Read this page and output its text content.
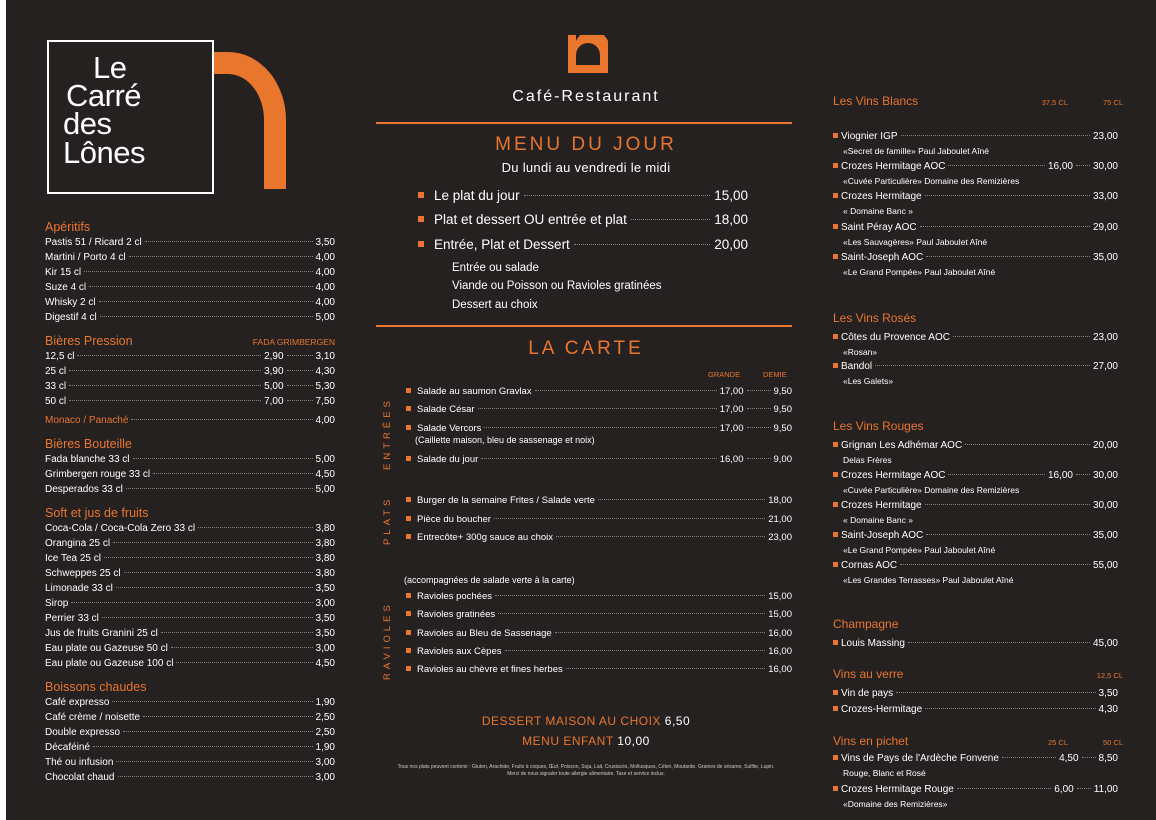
Le
Carré
des
Lônes
Apéritifs
Pastis 51 / Ricard 2 cl	3,50
Martini / Porto 4 cl	4,00
Kir 15 cl	4,00
Suze 4 cl	4,00
Whisky 2 cl	4,00
Digestif 4 cl	5,00
Bières Pression	FADA GRIMBERGEN
12,5 cl	2,90	3,10
25 cl	3,90	4,30
33 cl	5,00	5,30
50 cl	7,00	7,50
Monaco / Panaché	4,00
Bières Bouteille
Fada blanche 33 cl	5,00
Grimbergen rouge 33 cl	4,50
Desperados 33 cl	5,00
Soft et jus de fruits
Coca-Cola / Coca-Cola Zero 33 cl	3,80
Orangina 25 cl	3,80
Ice Tea 25 cl	3,80
Schweppes 25 cl	3,80
Limonade 33 cl	3,50
Sirop	3,00
Perrier 33 cl	3,50
Jus de fruits Granini 25 cl	3,50
Eau plate ou Gazeuse 50 cl	3,00
Eau plate ou Gazeuse 100 cl	4,50
Boissons chaudes
Café expresso	1,90
Café crème / noisette	2,50
Double expresso	2,50
Décaféiné	1,90
Thé ou infusion	3,00
Chocolat chaud	3,00
Café-Restaurant
MENU DU JOUR
Du lundi au vendredi le midi
Le plat du jour	15,00
Plat et dessert OU entrée et plat	18,00
Entrée, Plat et Dessert	20,00
Entrée ou salade
Viande ou Poisson ou Ravioles gratinées
Dessert au choix
LA CARTE
GRANDE	DEMIE
ENTRÉES
Salade au saumon Gravlax	17,00	9,50
Salade César	17,00	9,50
Salade Vercors	17,00	9,50
Salade du jour	16,00	9,00
(Caillette maison, bleu de sassenage et noix)
PLATS	Burger de la semaine Frites / Salade verte	18,00
Pièce du boucher	21,00
Entrecôte+ 300g sauce au choix	23,00
(accompagnées de salade verte à la carte)
RAVIOLES
Ravioles pochées	15,00
Ravioles gratinées	15,00
Ravioles au Bleu de Sassenage	16,00
Ravioles aux Cèpes	16,00
Ravioles au chèvre et fines herbes	16,00
DESSERT MAISON AU CHOIX 6,50
MENU ENFANT 10,00
Tous nos plats peuvent contenir : Gluten, Arachide, Fruits à coques, Œuf, Poisson, Soja, Lait, Crustacés, Mollusques, Céleri, Moutarde, Graines de sésame, Sulfite, Lupin.
Merci de nous signaler toute allergie alimentaire. Taxe et service inclus.
Les Vins Blancs	37,5 CL	75 CL
Viognier IGP	23,00
«Secret de famille» Paul Jaboulet Aîné
Crozes Hermitage AOC	16,00 30,00
«Cuvée Particulière» Domaine des Remizières
Crozes Hermitage	33,00
« Domaine Banc »
Saint Péray AOC	29,00
«Les Sauvagères» Paul Jaboulet Aîné
Saint-Joseph AOC	35,00
«Le Grand Pompée» Paul Jaboulet Aîné
Les Vins Rosés
Côtes du Provence AOC	23,00
«Rosan»
Bandol	27,00
«Les Galets»
Les Vins Rouges
Grignan Les Adhémar AOC	20,00
Delas Frères
Crozes Hermitage AOC	16,00 30,00
«Cuvée Particulière» Domaine des Remizières
Crozes Hermitage	30,00
« Domaine Banc »
Saint-Joseph AOC	35,00
«Le Grand Pompée» Paul Jaboulet Aîné
Cornas AOC	55,00
«Les Grandes Terrasses» Paul Jaboulet Aîné
Champagne
Louis Massing	45,00
Vins au verre	12,5 CL
Vin de pays	3,50
Crozes-Hermitage	4,30
Vins en pichet	25 CL	50 CL
Vins de Pays de l'Ardèche Fonvene	4,50 8,50
Rouge, Blanc et Rosé
Crozes Hermitage Rouge	6,00 11,00
«Domaine des Remizières»
